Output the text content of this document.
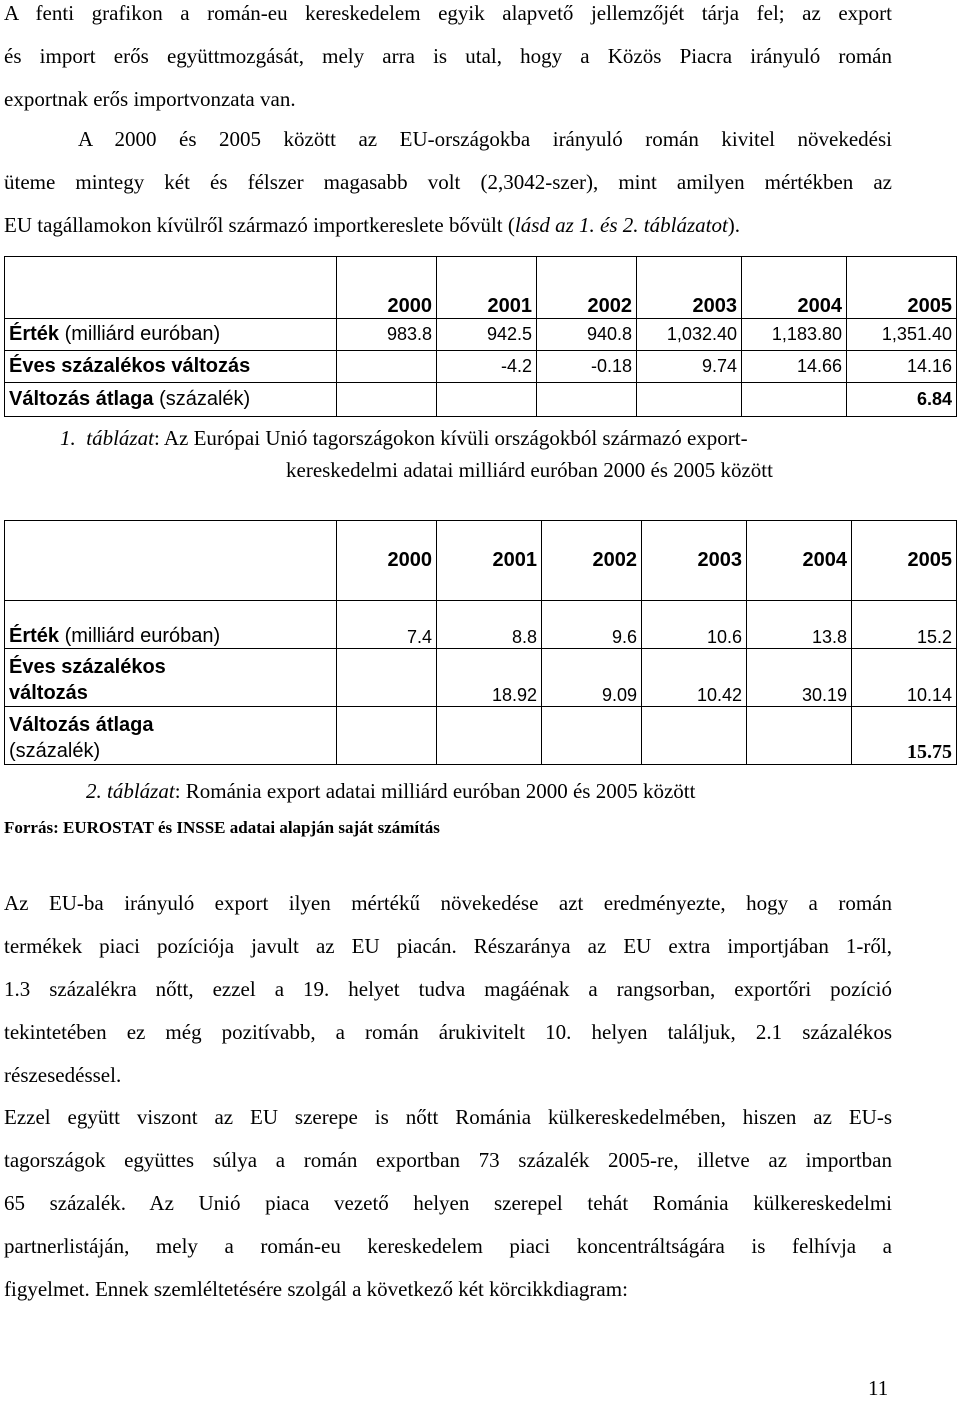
A fenti grafikon a román-eu kereskedelem egyik alapvető jellemzőjét tárja fel; az export
és import erős együttmozgását, mely arra is utal, hogy a Közös Piacra irányuló román
exportnak erős importvonzata van.
A 2000 és 2005 között az EU-országokba irányuló román kivitel növekedési
üteme mintegy két és félszer magasabb volt (2,3042-szer), mint amilyen mértékben az
EU tagállamokon kívülről származó importkereslete bővült (lásd az 1. és 2. táblázatot).
	2000	2001	2002	2003	2004	2005
Érték (milliárd euróban)	983.8	942.5	940.8	1,032.40	1,183.80	1,351.40
Éves százalékos változás		-4.2	-0.18	9.74	14.66	14.16
Változás átlaga (százalék)						6.84
1. táblázat: Az Európai Unió tagországokon kívüli országokból származó export-
kereskedelmi adatai milliárd euróban 2000 és 2005 között
	2000	2001	2002	2003	2004	2005
Érték (milliárd euróban)	7.4	8.8	9.6	10.6	13.8	15.2
Éves százalékos
változás		18.92	9.09	10.42	30.19	10.14
Változás átlaga
(százalék)						15.75
2. táblázat: Románia export adatai milliárd euróban 2000 és 2005 között
Forrás: EUROSTAT és INSSE adatai alapján saját számítás
Az EU-ba irányuló export ilyen mértékű növekedése azt eredményezte, hogy a román
termékek piaci pozíciója javult az EU piacán. Részaránya az EU extra importjában 1-ről,
1.3 százalékra nőtt, ezzel a 19. helyet tudva magáénak a rangsorban, exportőri pozíció
tekintetében ez még pozitívabb, a román árukivitelt 10. helyen találjuk, 2.1 százalékos
részesedéssel.
Ezzel együtt viszont az EU szerepe is nőtt Románia külkereskedelmében, hiszen az EU-s
tagországok együttes súlya a román exportban 73 százalék 2005-re, illetve az importban
65 százalék. Az Unió piaca vezető helyen szerepel tehát Románia külkereskedelmi
partnerlistáján, mely a román-eu kereskedelem piaci koncentráltságára is felhívja a
figyelmet. Ennek szemléltetésére szolgál a következő két körcikkdiagram:
11
